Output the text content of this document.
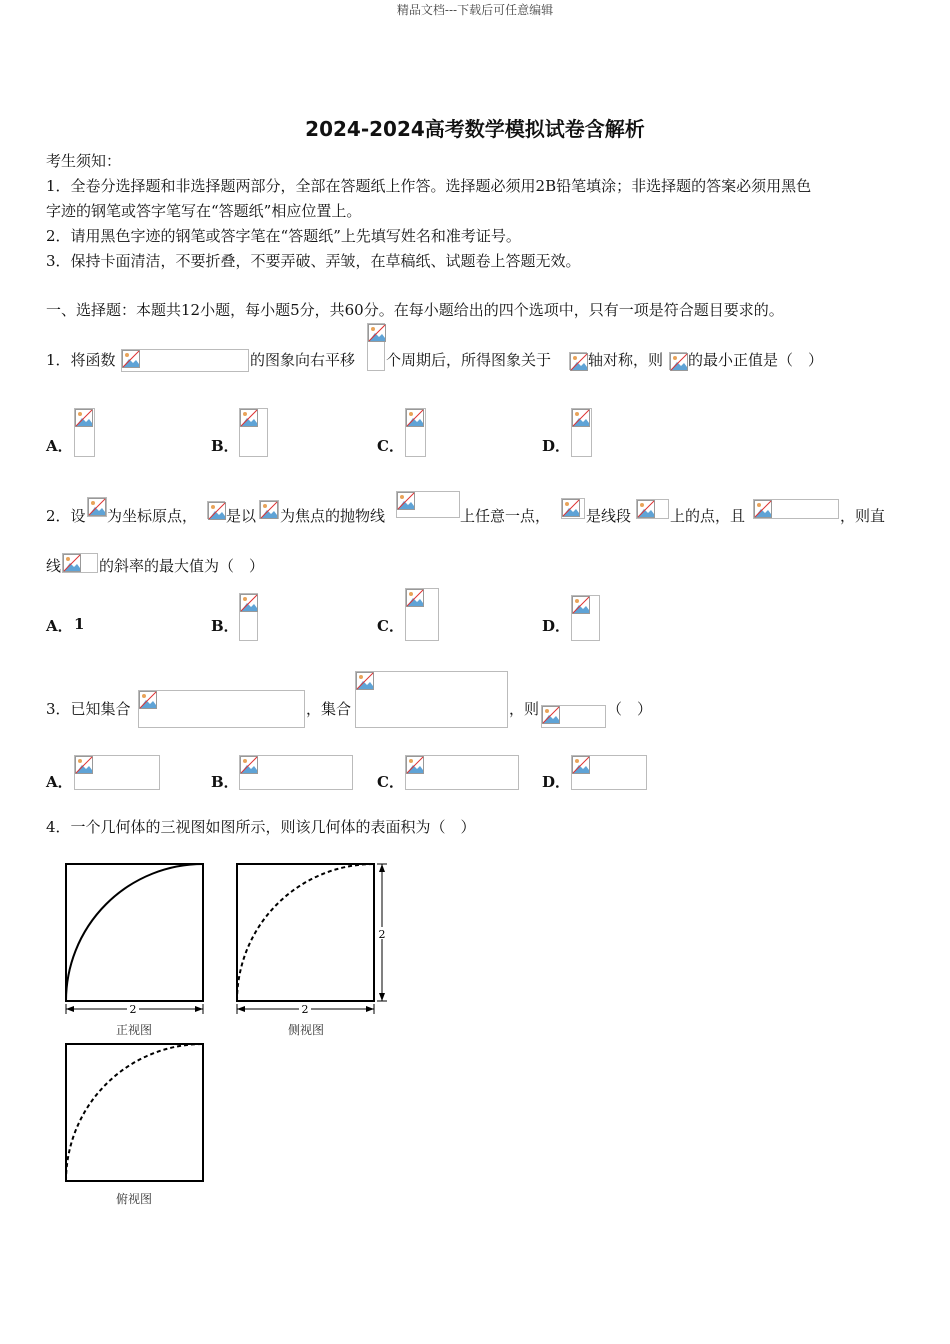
精品文档---下载后可任意编辑
2024-2024高考数学模拟试卷含解析
考生须知：
1．全卷分选择题和非选择题两部分，全部在答题纸上作答。选择题必须用2B铅笔填涂；非选择题的答案必须用黑色
字迹的钢笔或答字笔写在“答题纸”相应位置上。
2．请用黑色字迹的钢笔或答字笔在“答题纸”上先填写姓名和准考证号。
3．保持卡面清洁，不要折叠，不要弄破、弄皱，在草稿纸、试题卷上答题无效。
一、选择题：本题共12小题，每小题5分，共60分。在每小题给出的四个选项中，只有一项是符合题目要求的。
1．将函数	的图象向右平移 个周期后，所得图象关于 轴对称，则 的最小正值是（　）
A．	B．	C．	D．
2．设 为坐标原点， 是以 为焦点的抛物线	上任意一点， 是线段	上的点，且	，则直
线	的斜率的最大值为（　）
A． 1	B．	C．	D．
3．已知集合	，集合	，则	（　）
A．	B．	C．	D．
4．一个几何体的三视图如图所示，则该几何体的表面积为（　）
2
正视图
2
2
侧视图
俯视图
